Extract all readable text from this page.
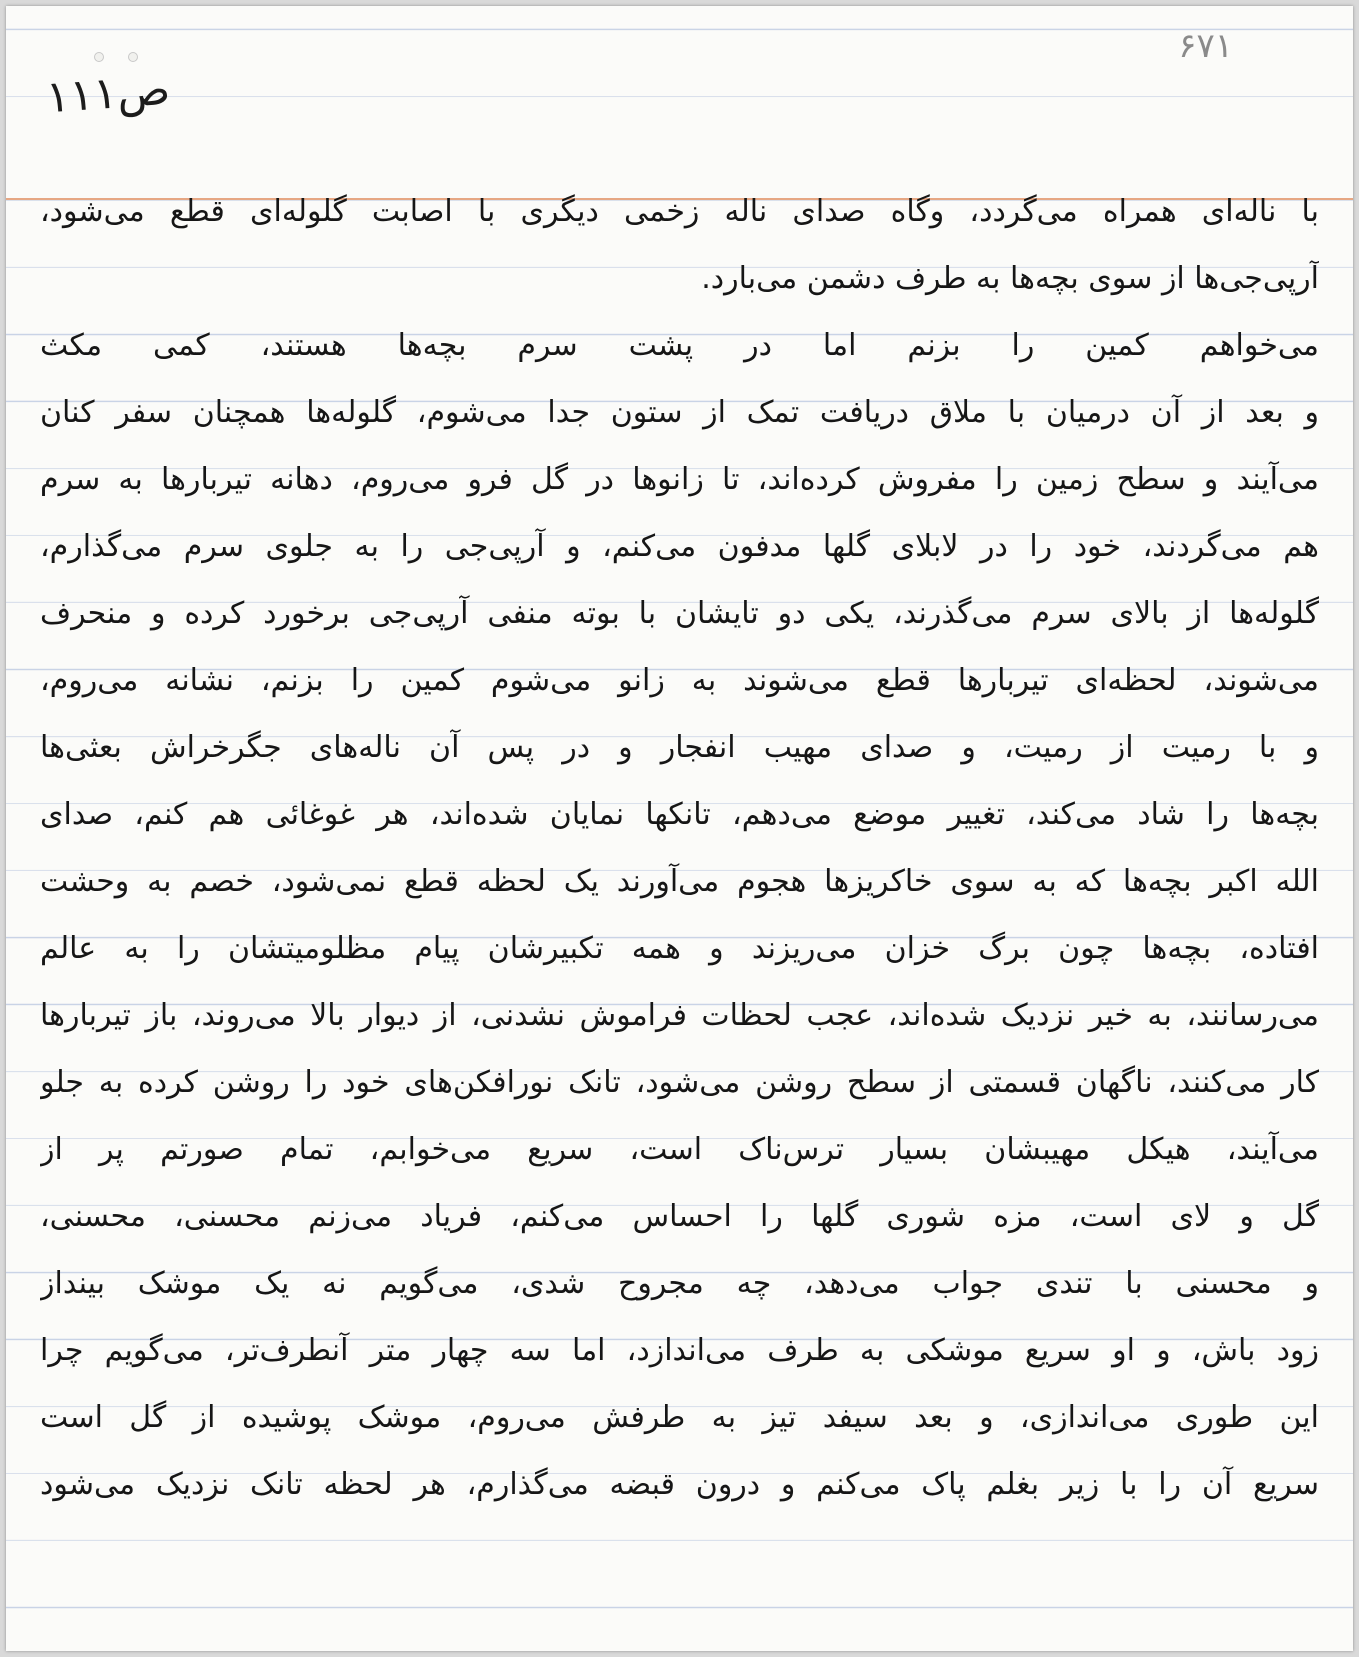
ص۱۱۱
۶۷۱
با ناله‌ای همراه می‌گردد، وگاه صدای ناله زخمی دیگری با اصابت گلوله‌ای قطع می‌شود،
آر‌پی‌جی‌ها از سوی بچه‌ها به طرف دشمن می‌بارد.
می‌خواهم کمین را بزنم اما در پشت سرم بچه‌ها هستند، کمی مکث
و بعد از آن درمیان با ملاق دریافت تمک از ستون جدا می‌شوم، گلوله‌ها همچنان سفر کنان
می‌آیند و سطح زمین را مفروش کرده‌اند، تا زانو‌ها در گل فرو می‌روم، دهانه تیربار‌ها به سرم
هم می‌گردند، خود را در لابلای گلها مدفون می‌کنم، و آرپی‌جی را به جلوی سرم می‌گذارم،
گلوله‌ها از بالای سرم می‌گذرند، یکی دو تایشان با بوته منفی آرپی‌جی برخورد کرده و منحرف
می‌شوند، لحظه‌ای تیربار‌ها قطع می‌شوند به زانو می‌شوم کمین را بزنم، نشانه می‌روم،
و با رمیت از رمیت، و صدای مهیب انفجار و در پس آن ناله‌های جگرخراش بعثی‌ها
بچه‌ها را شاد می‌کند، تغییر موضع می‌دهم، تانکها نمایان شده‌اند، هر غوغائی هم کنم، صدای
الله اکبر بچه‌ها که به سوی خاکریز‌ها هجوم می‌آورند یک لحظه قطع نمی‌شود، خصم به وحشت
افتاده، بچه‌ها چون برگ خزان می‌ریزند و همه تکبیرشان پیام مظلومیتشان را به عالم
می‌رسانند، به خیر نزدیک شده‌اند، عجب لحظات فراموش نشدنی، از دیوار بالا می‌روند، باز تیربار‌ها
کار می‌کنند، ناگهان قسمتی از سطح روشن می‌شود، تانک نورافکن‌های خود را روشن کرده به جلو
می‌آیند، هیکل مهیبشان بسیار ترس‌ناک است، سریع می‌خوابم، تمام صورتم پر از
گل و لای است، مزه شوری گلها را احساس می‌کنم، فریاد می‌زنم محسنی، محسنی،
و محسنی با تندی جواب می‌دهد، چه مجروح شدی، می‌گویم نه یک موشک بینداز
زود باش، و او سریع موشکی به طرف می‌اندازد، اما سه چهار متر آنطرف‌تر، می‌گویم چرا
این طوری می‌اندازی، و بعد سیفد تیز به طرفش می‌روم، موشک پوشیده از گل است
سریع آن را با زیر بغلم پاک می‌کنم و درون قبضه می‌گذارم، هر لحظه تانک نزدیک می‌شود
